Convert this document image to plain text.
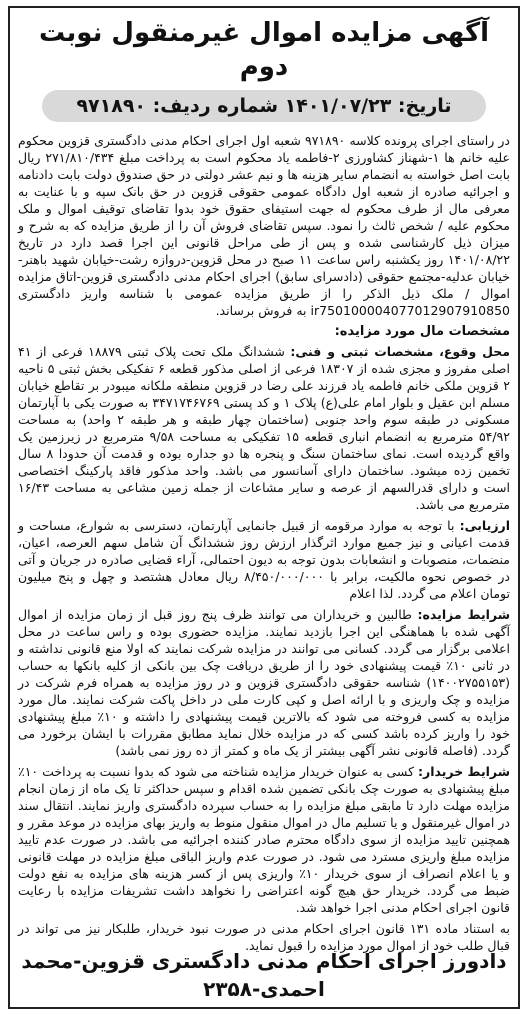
آگهی مزایده اموال غیرمنقول نوبت دوم
تاریخ: ۱۴۰۱/۰۷/۲۳ شماره ردیف: ۹۷۱۸۹۰

در راستای اجرای پرونده کلاسه ۹۷۱۸۹۰ شعبه اول اجرای احکام مدنی دادگستری قزوین محکوم علیه خانم ها ۱-شهناز کشاورزی ۲-فاطمه یاد محکوم است به پرداخت مبلغ ۲۷۱/۸۱۰/۴۳۴ ریال بابت اصل خواسته به انضمام سایر هزینه ها و نیم عشر دولتی در حق صندوق دولت بابت دادنامه و اجرائیه صادره از شعبه اول دادگاه عمومی حقوقی قزوین در حق بانک سپه و با عنایت به معرفی مال از طرف محکوم له جهت استیفای حقوق خود بدوا تقاضای توقیف اموال و ملک محکوم علیه / شخص ثالث را نمود. سپس تقاضای فروش آن را از طریق مزایده که به شرح و میزان ذیل کارشناسی شده و پس از طی مراحل قانونی این اجرا قصد دارد در تاریخ ۱۴۰۱/۰۸/۲۲ روز یکشنبه راس ساعت ۱۱ صبح در محل قزوین-دروازه رشت-خیابان شهید باهنر-خیابان عدلیه-مجتمع حقوقی (دادسرای سابق) اجرای احکام مدنی دادگستری قزوین-اتاق مزایده اموال / ملک ذیل الذکر را از طریق مزایده عمومی با شناسه واریز دادگستری ir750100004077012907910850 به فروش برساند.

مشخصات مال مورد مزایده:

محل وقوع، مشخصات ثبتی و فنی: ششدانگ ملک تحت پلاک ثبتی ۱۸۸۷۹ فرعی از ۴۱ اصلی مفروز و مجزی شده از ۱۸۳۰۷ فرعی از اصلی مذکور قطعه ۶ تفکیکی بخش ثبتی ۵ ناحیه ۲ قزوین ملکی خانم فاطمه یاد فرزند علی رضا در قزوین منطقه ملکانه میبودر بر تقاطع خیابان مسلم ابن عقیل و بلوار امام علی(ع) پلاک ۱ و کد پستی ۳۴۷۱۷۴۶۷۶۹ به صورت یکی با آپارتمان مسکونی در طبقه سوم واحد جنوبی (ساختمان چهار طبقه و هر طبقه ۲ واحد) به مساحت ۵۴/۹۲ مترمربع به انضمام انباری قطعه ۱۵ تفکیکی به مساحت ۹/۵۸ مترمربع در زیرزمین یک واقع گردیده است. نمای ساختمان سنگ و پنجره ها دو جداره بوده و قدمت آن حدودا ۸ سال تخمین زده میشود. ساختمان دارای آسانسور می باشد. واحد مذکور فاقد پارکینگ اختصاصی است و دارای قدرالسهم از عرصه و سایر مشاعات از جمله زمین مشاعی به مساحت ۱۶/۴۳ مترمربع می باشد.

ارزیابی: با توجه به موارد مرقومه از قبیل جانمایی آپارتمان، دسترسی به شوارع، مساحت و قدمت اعیانی و نیز جمیع موارد اثرگذار ارزش روز ششدانگ آن شامل سهم العرصه، اعیان، منضمات، منصوبات و انشعابات بدون توجه به دیون احتمالی، آراء قضایی صادره در جریان و آتی در خصوص نحوه مالکیت، برابر با ۸/۴۵۰/۰۰۰/۰۰۰ ریال معادل هشتصد و چهل و پنج میلیون تومان اعلام می گردد. لذا اعلام

شرایط مزایده: طالبین و خریداران می توانند ظرف پنج روز قبل از زمان مزایده از اموال آگهی شده با هماهنگی این اجرا بازدید نمایند. مزایده حضوری بوده و راس ساعت در محل اعلامی برگزار می گردد. کسانی می توانند در مزایده شرکت نمایند که اولا منع قانونی نداشته و در ثانی ۱۰٪ قیمت پیشنهادی خود را از طریق دریافت چک بین بانکی از کلیه بانکها به حساب (۱۴۰۰۲۷۵۵۱۵۳) شناسه حقوقی دادگستری قزوین و در روز مزایده به همراه فرم شرکت در مزایده و چک واریزی و با ارائه اصل و کپی کارت ملی در داخل پاکت شرکت نمایند. مال مورد مزایده به کسی فروخته می شود که بالاترین قیمت پیشنهادی را داشته و ۱۰٪ مبلغ پیشنهادی خود را واریز کرده باشد کسی که در مزایده خلال نماید مطابق مقررات با ایشان برخورد می گردد. (فاصله قانونی نشر آگهی بیشتر از یک ماه و کمتر از ده روز نمی باشد)

شرایط خریدار: کسی به عنوان خریدار مزایده شناخته می شود که بدوا نسبت به پرداخت ۱۰٪ مبلغ پیشنهادی به صورت چک بانکی تضمین شده اقدام و سپس حداکثر تا یک ماه از زمان انجام مزایده مهلت دارد تا مابقی مبلغ مزایده را به حساب سپرده دادگستری واریز نمایند. انتقال سند در اموال غیرمنقول و یا تسلیم مال در اموال منقول منوط به واریز بهای مزایده در موعد مقرر و همچنین تایید مزایده از سوی دادگاه محترم صادر کننده اجرائیه می باشد. در صورت عدم تایید مزایده مبلغ واریزی مسترد می شود. در صورت عدم واریز الباقی مبلغ مزایده در مهلت قانونی و یا اعلام انصراف از سوی خریدار ۱۰٪ واریزی پس از کسر هزینه های مزایده به نفع دولت ضبط می گردد. خریدار حق هیچ گونه اعتراضی را نخواهد داشت تشریفات مزایده با رعایت قانون اجرای احکام مدنی اجرا خواهد شد.

به استناد ماده ۱۳۱ قانون اجرای احکام مدنی در صورت نبود خریدار، طلبکار نیز می تواند در قبال طلب خود از اموال مورد مزایده را قبول نماید.

دادورز اجرای احکام مدنی دادگستری قزوین-محمد احمدی-۲۳۵۸
